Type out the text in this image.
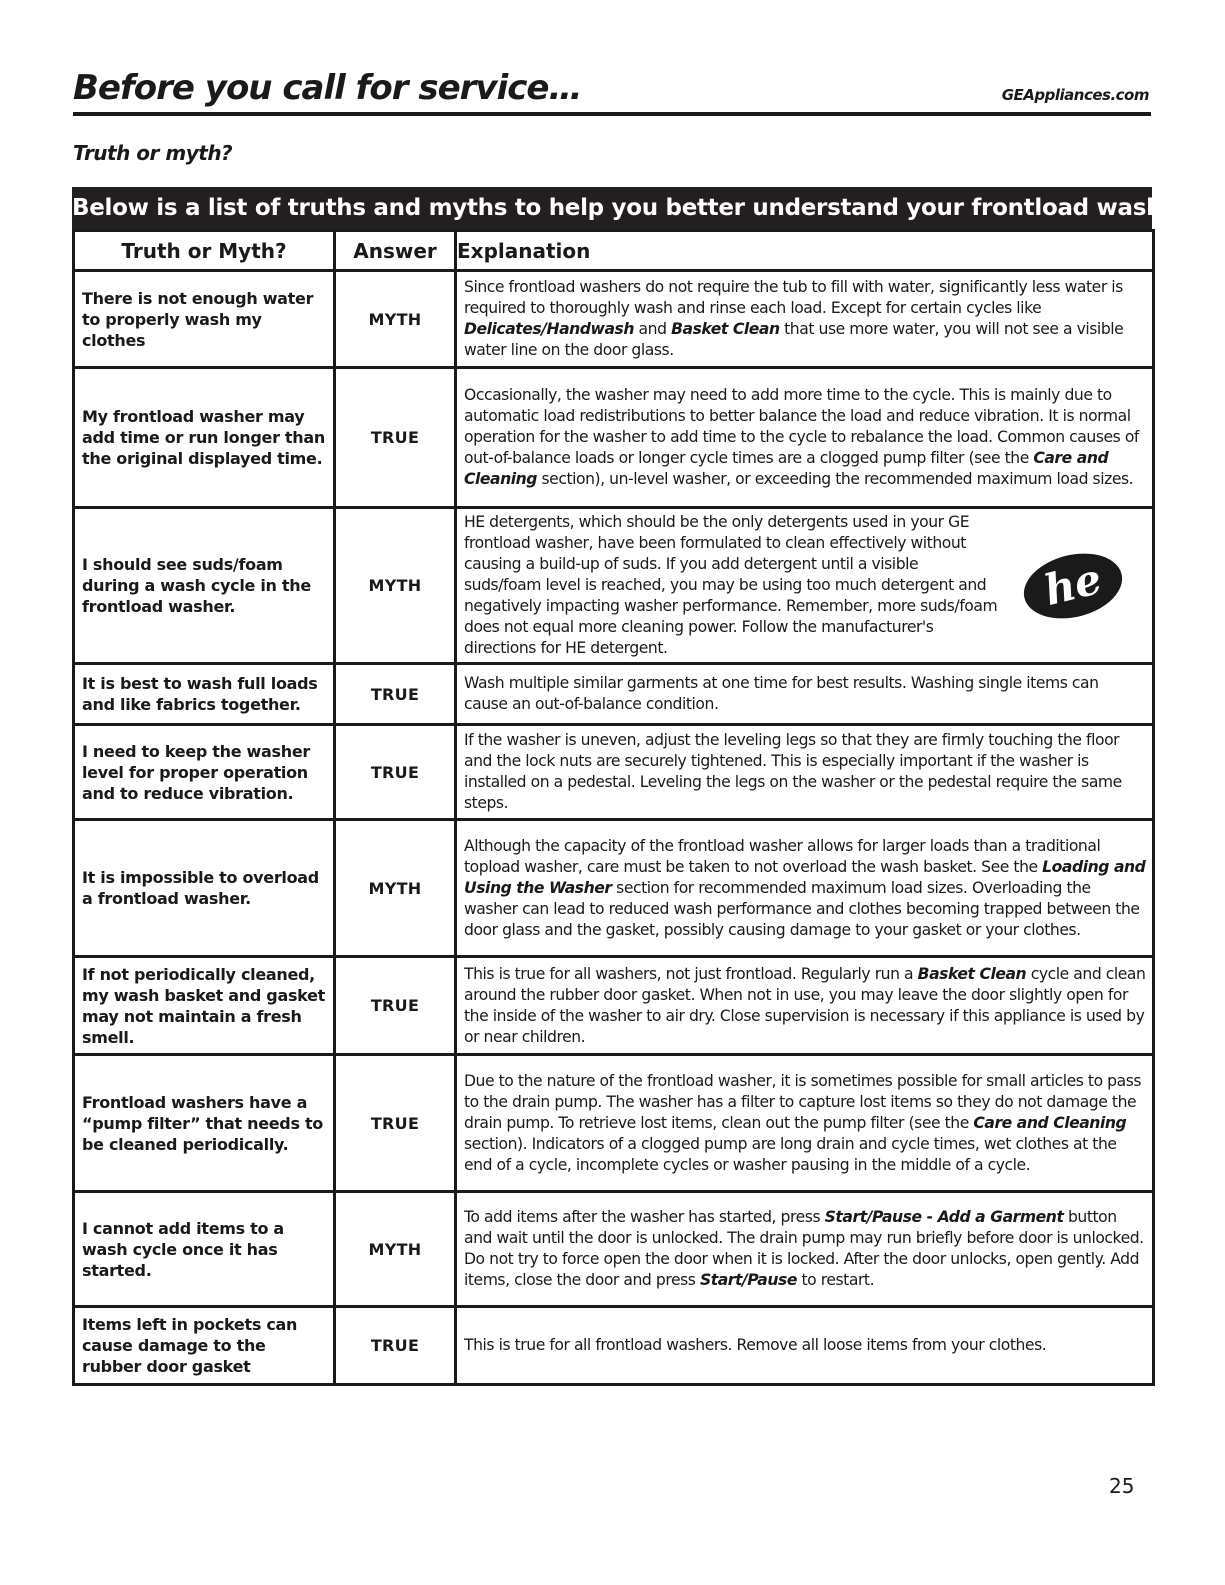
Before you call for service…	GEAppliances.com
Truth or myth?
Below is a list of truths and myths to help you better understand your frontload washer
Truth or Myth?	Answer	Explanation
There is not enough water to properly wash my clothes	MYTH	Since frontload washers do not require the tub to fill with water, significantly less water is required to thoroughly wash and rinse each load. Except for certain cycles like Delicates/Handwash and Basket Clean that use more water, you will not see a visible water line on the door glass.
My frontload washer may add time or run longer than the original displayed time.	TRUE	Occasionally, the washer may need to add more time to the cycle. This is mainly due to automatic load redistributions to better balance the load and reduce vibration. It is normal operation for the washer to add time to the cycle to rebalance the load. Common causes of out-of-balance loads or longer cycle times are a clogged pump filter (see the Care and Cleaning section), un-level washer, or exceeding the recommended maximum load sizes.
I should see suds/foam during a wash cycle in the frontload washer.	MYTH	HE detergents, which should be the only detergents used in your GE frontload washer, have been formulated to clean effectively without causing a build-up of suds. If you add detergent until a visible suds/foam level is reached, you may be using too much detergent and negatively impacting washer performance. Remember, more suds/foam does not equal more cleaning power. Follow the manufacturer's directions for HE detergent.
he

It is best to wash full loads and like fabrics together.	TRUE	Wash multiple similar garments at one time for best results. Washing single items can cause an out-of-balance condition.
I need to keep the washer level for proper operation and to reduce vibration.	TRUE	If the washer is uneven, adjust the leveling legs so that they are firmly touching the floor and the lock nuts are securely tightened. This is especially important if the washer is installed on a pedestal. Leveling the legs on the washer or the pedestal require the same steps.
It is impossible to overload a frontload washer.	MYTH	Although the capacity of the frontload washer allows for larger loads than a traditional topload washer, care must be taken to not overload the wash basket. See the Loading and Using the Washer section for recommended maximum load sizes. Overloading the washer can lead to reduced wash performance and clothes becoming trapped between the door glass and the gasket, possibly causing damage to your gasket or your clothes.
If not periodically cleaned, my wash basket and gasket may not maintain a fresh smell.	TRUE	This is true for all washers, not just frontload. Regularly run a Basket Clean cycle and clean around the rubber door gasket. When not in use, you may leave the door slightly open for the inside of the washer to air dry. Close supervision is necessary if this appliance is used by or near children.
Frontload washers have a “pump filter” that needs to be cleaned periodically.	TRUE	Due to the nature of the frontload washer, it is sometimes possible for small articles to pass to the drain pump. The washer has a filter to capture lost items so they do not damage the drain pump. To retrieve lost items, clean out the pump filter (see the Care and Cleaning section). Indicators of a clogged pump are long drain and cycle times, wet clothes at the end of a cycle, incomplete cycles or washer pausing in the middle of a cycle.
I cannot add items to a wash cycle once it has started.	MYTH	To add items after the washer has started, press Start/Pause - Add a Garment button and wait until the door is unlocked. The drain pump may run briefly before door is unlocked. Do not try to force open the door when it is locked. After the door unlocks, open gently. Add items, close the door and press Start/Pause to restart.
Items left in pockets can cause damage to the rubber door gasket	TRUE	This is true for all frontload washers. Remove all loose items from your clothes.
25
